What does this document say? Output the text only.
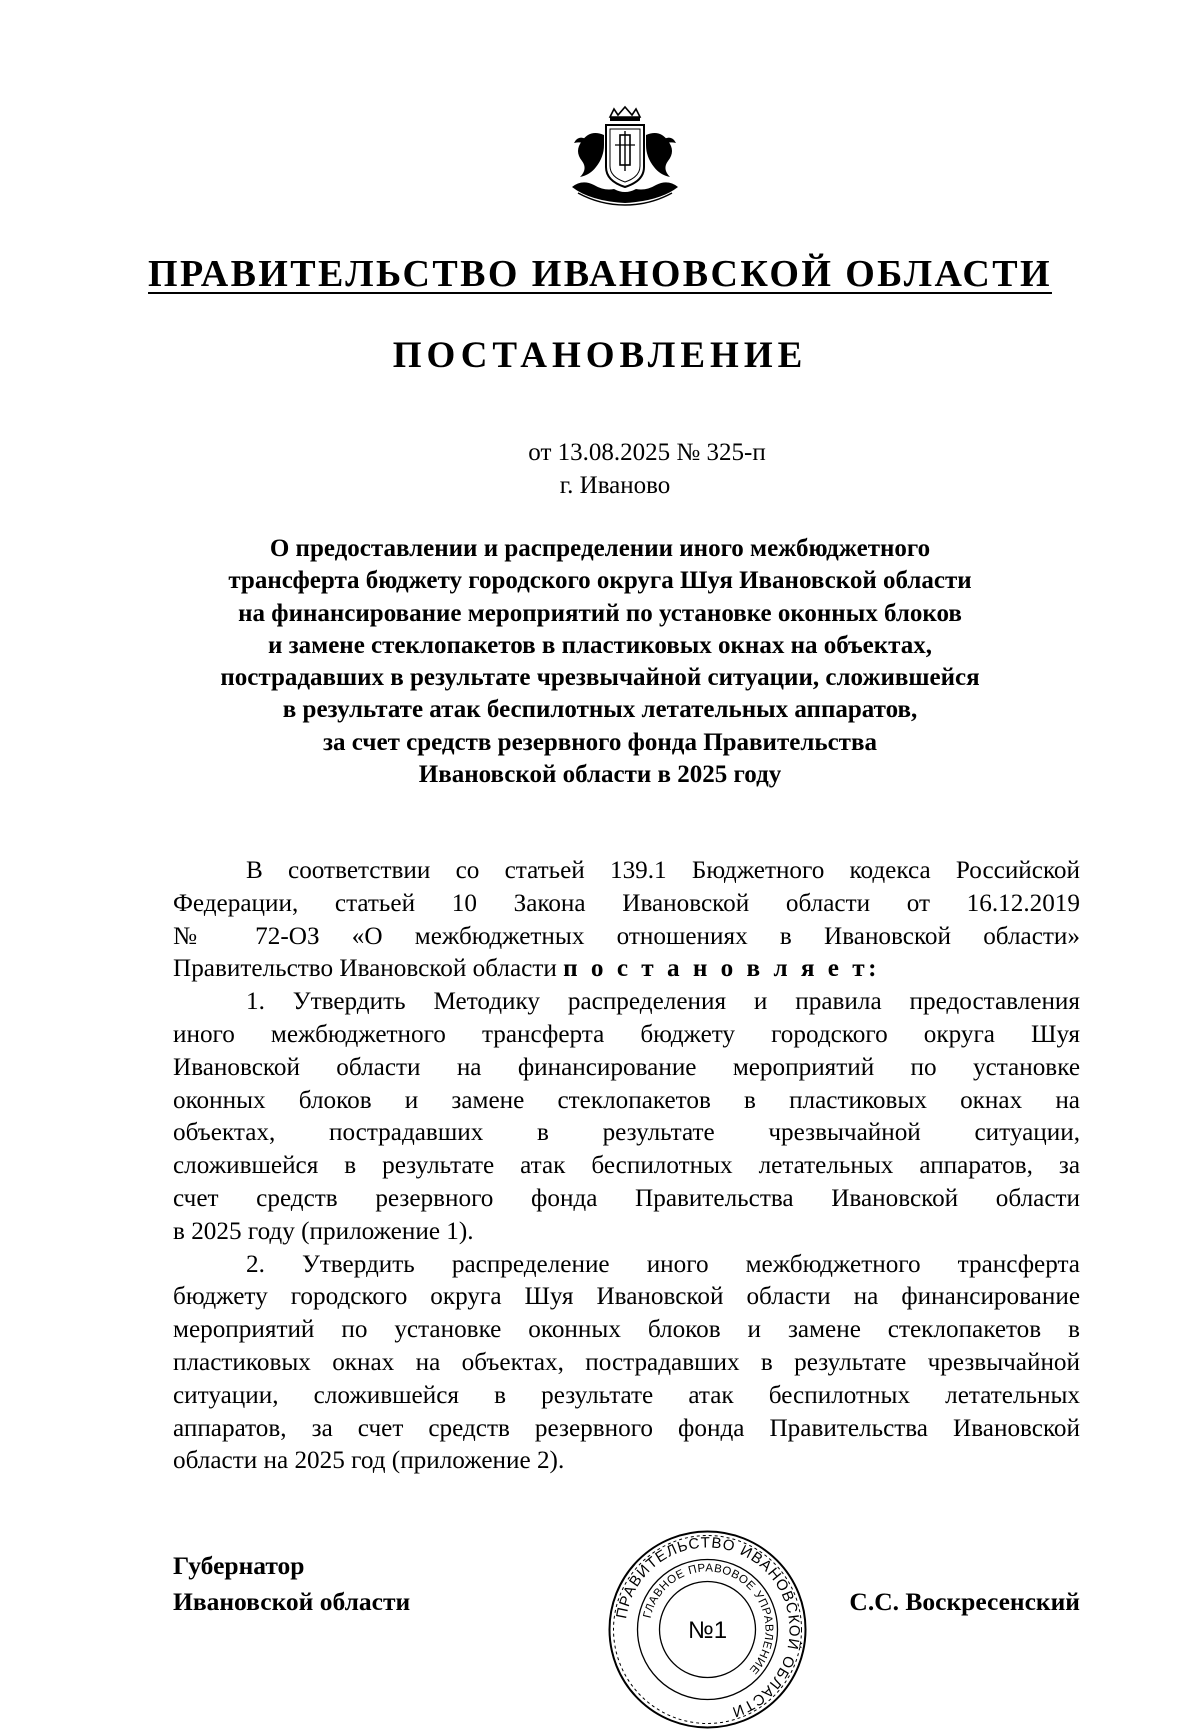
ПРАВИТЕЛЬСТВО ИВАНОВСКОЙ ОБЛАСТИ
ПОСТАНОВЛЕНИЕ
от 13.08.2025 № 325-п
г. Иваново
О предоставлении и распределении иного межбюджетного
трансферта бюджету городского округа Шуя Ивановской области
на финансирование мероприятий по установке оконных блоков
и замене стеклопакетов в пластиковых окнах на объектах,
пострадавших в результате чрезвычайной ситуации, сложившейся
в результате атак беспилотных летательных аппаратов,
за счет средств резервного фонда Правительства
Ивановской области в 2025 году
В соответствии со статьей 139.1 Бюджетного кодекса Российской
Федерации, статьей 10 Закона Ивановской области от 16.12.2019
№ 72-ОЗ «О межбюджетных отношениях в Ивановской области»
Правительство Ивановской области п о с т а н о в л я е т:
1. Утвердить Методику распределения и правила предоставления
иного межбюджетного трансферта бюджету городского округа Шуя
Ивановской области на финансирование мероприятий по установке
оконных блоков и замене стеклопакетов в пластиковых окнах на
объектах, пострадавших в результате чрезвычайной ситуации,
сложившейся в результате атак беспилотных летательных аппаратов, за
счет средств резервного фонда Правительства Ивановской области
в 2025 году (приложение 1).
2. Утвердить распределение иного межбюджетного трансферта
бюджету городского округа Шуя Ивановской области на финансирование
мероприятий по установке оконных блоков и замене стеклопакетов в
пластиковых окнах на объектах, пострадавших в результате чрезвычайной
ситуации, сложившейся в результате атак беспилотных летательных
аппаратов, за счет средств резервного фонда Правительства Ивановской
области на 2025 год (приложение 2).
ПРАВИТЕЛЬСТВО ИВАНОВСКОЙ ОБЛАСТИ
ГЛАВНОЕ ПРАВОВОЕ УПРАВЛЕНИЕ
№1
Губернатор
Ивановской области	С.С. Воскресенский
